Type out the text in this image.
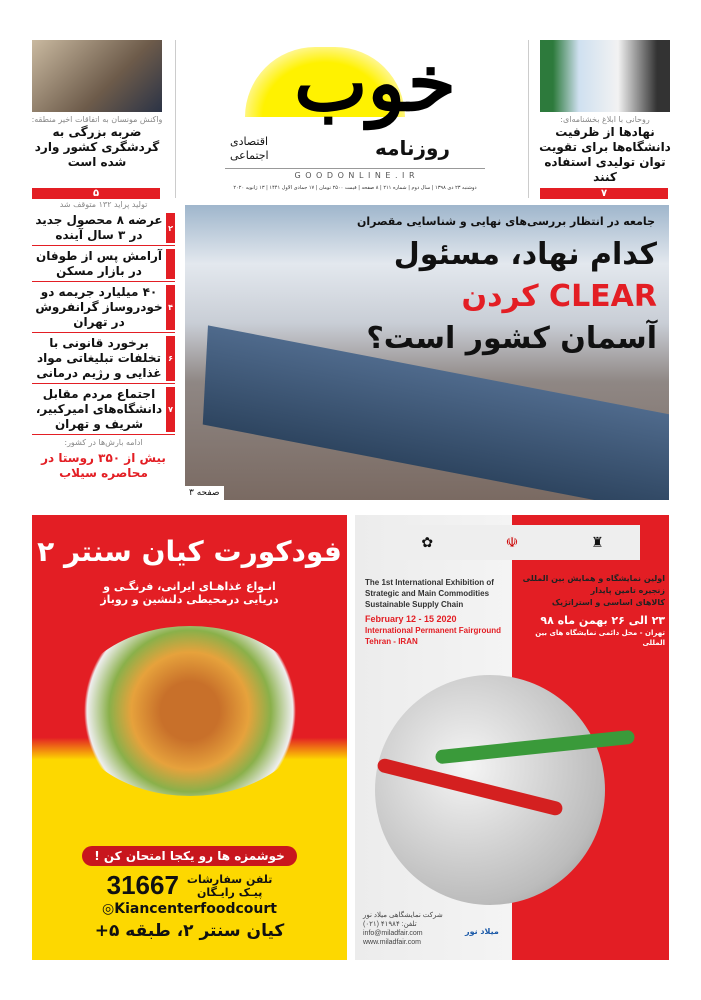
واکنش مونسان به اتفاقات اخیر منطقه:
ضربه بزرگی به گردشگری کشور وارد شده است
۵
خوب
روزنامه
اقتصادی
اجتماعی
G O O D O N L I N E . I R
دوشنبه ۲۳ دی ۱۳۹۸ | سال دوم | شماره ۲۱۱ | ۸ صفحه | قیمت ۲۵۰۰ تومان | ۱۷ جمادی الاول ۱۴۴۱ | ۱۳ ژانویه ۲۰۲۰
روحانی با ابلاغ بخشنامه‌ای:
نهادها از ظرفیت دانشگاه‌ها برای تقویت توان تولیدی استفاده کنند
۷
تولید پراید ۱۳۲ متوقف شد
۲
عرضه ۸ محصول جدید در ۳ سال آینده
آرامش پس از طوفان در بازار مسکن
۴
۴۰ میلیارد جریمه دو خودروساز گرانفروش در تهران
۶
برخورد قانونی با تخلفات تبلیغاتی مواد غذایی و رژیم درمانی
۷
اجتماع مردم مقابل دانشگاه‌های امیرکبیر، شریف و تهران
ادامه بارش‌ها در کشور:
بیش از ۳۵۰ روستا در محاصره سیلاب
جامعه در انتظار بررسی‌های نهایی و شناسایی مقصران
کدام نهاد، مسئول
CLEAR کردن
آسمان کشور است؟
صفحه ۳
فودکورت کیان سنتر ۲
انـواع غذاهـای ایرانی، فرنگـی و
دریایی درمحیطی دلنشین و روباز
خوشمزه ها رو یکجا امتحان کن !
تلفن سفارشات
پیـک رایـگان
31667
◎Kiancenterfoodcourt
کیان سنتر ۲، طبقه ۵+
✿	☫	♜
The 1st International Exhibition of
Strategic and Main Commodities
Sustainable Supply Chain
February 12 - 15 2020
International Permanent Fairground
Tehran - IRAN
اولین نمایشگاه و همایش بین المللی
زنجیره تامین پایدار
کالاهای اساسی و استراتژیک
۲۳ الی ۲۶ بهمن ماه ۹۸
تهران - محل دائمی نمایشگاه های بین المللی
شرکت نمایشگاهی میلاد نور
تلفن: ۴۱۹۸۴ (۰۲۱)
info@miladfair.com
www.miladfair.com
میلاد نور
